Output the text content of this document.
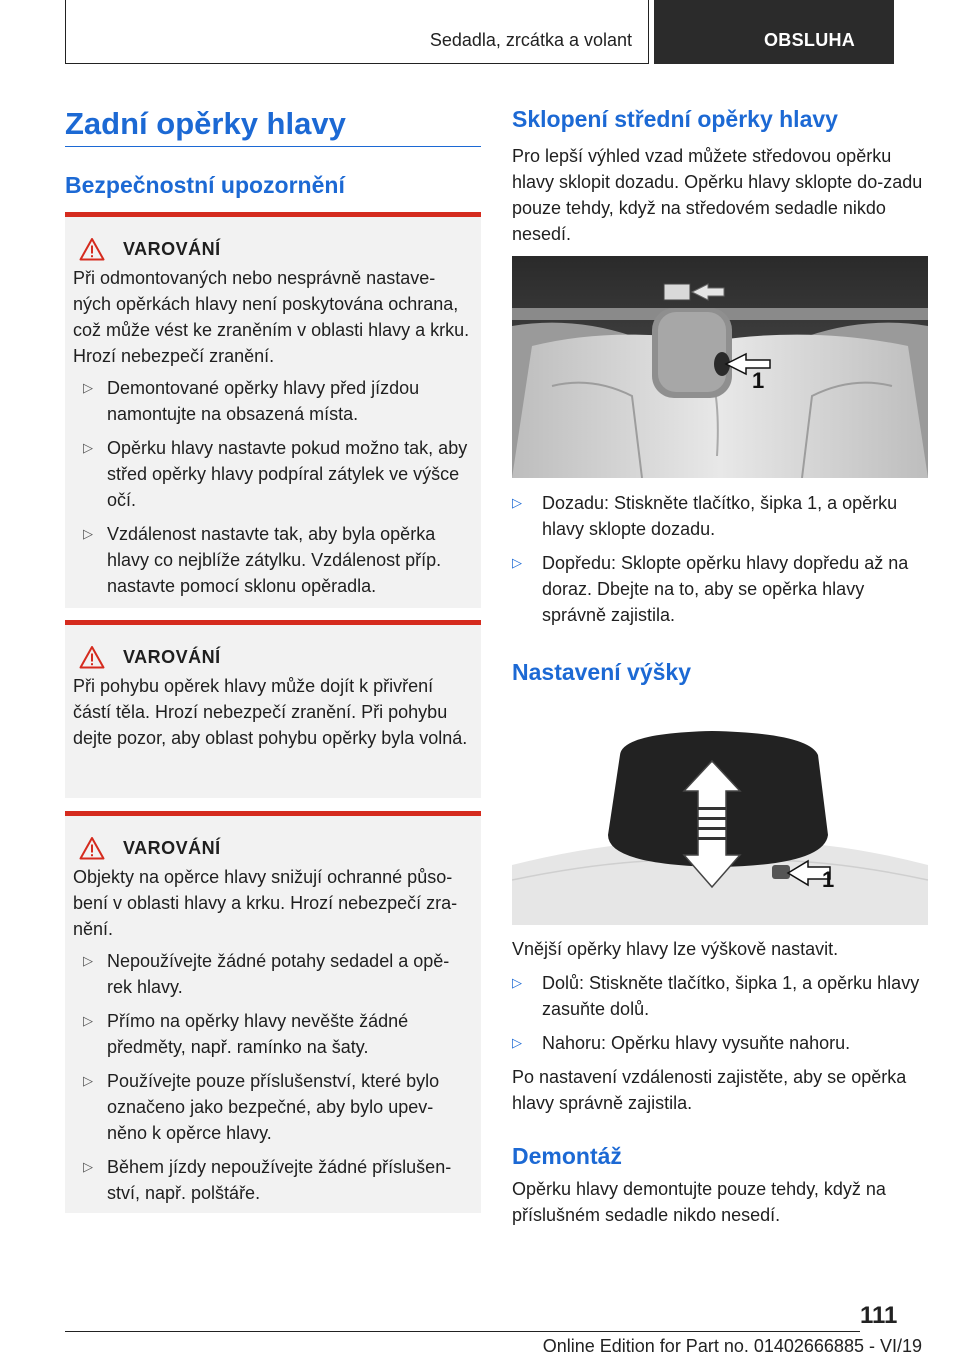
Sedadla, zrcátka a volant	OBSLUHA
Zadní opěrky hlavy
Bezpečnostní upozornění
VAROVÁNÍ
Při odmontovaných nebo nesprávně nastave-ných opěrkách hlavy není poskytována ochrana, což může vést ke zraněním v oblasti hlavy a krku. Hrozí nebezpečí zranění.
▷ Demontované opěrky hlavy před jízdou namontujte na obsazená místa.
▷ Opěrku hlavy nastavte pokud možno tak, aby střed opěrky hlavy podpíral zátylek ve výšce očí.
▷ Vzdálenost nastavte tak, aby byla opěrka hlavy co nejblíže zátylku. Vzdálenost příp. nastavte pomocí sklonu opěradla.
VAROVÁNÍ
Při pohybu opěrek hlavy může dojít k přivření částí těla. Hrozí nebezpečí zranění. Při pohybu dejte pozor, aby oblast pohybu opěrky byla volná.
VAROVÁNÍ
Objekty na opěrce hlavy snižují ochranné půso-bení v oblasti hlavy a krku. Hrozí nebezpečí zra-nění.
▷ Nepoužívejte žádné potahy sedadel a opě-rek hlavy.
▷ Přímo na opěrky hlavy nevěšte žádné předměty, např. ramínko na šaty.
▷ Používejte pouze příslušenství, které bylo označeno jako bezpečné, aby bylo upev-něno k opěrce hlavy.
▷ Během jízdy nepoužívejte žádné příslušen-ství, např. polštáře.
Sklopení střední opěrky hlavy
Pro lepší výhled vzad můžete středovou opěrku hlavy sklopit dozadu. Opěrku hlavy sklopte do-zadu pouze tehdy, když na středovém sedadle nikdo nesedí.
1
▷ Dozadu: Stiskněte tlačítko, šipka 1, a opěrku hlavy sklopte dozadu.
▷ Dopředu: Sklopte opěrku hlavy dopředu až na doraz. Dbejte na to, aby se opěrka hlavy správně zajistila.
Nastavení výšky
1
Vnější opěrky hlavy lze výškově nastavit.
▷ Dolů: Stiskněte tlačítko, šipka 1, a opěrku hlavy zasuňte dolů.
▷ Nahoru: Opěrku hlavy vysuňte nahoru.
Po nastavení vzdálenosti zajistěte, aby se opěrka hlavy správně zajistila.
Demontáž
Opěrku hlavy demontujte pouze tehdy, když na příslušném sedadle nikdo nesedí.
111
Online Edition for Part no. 01402666885 - VI/19
